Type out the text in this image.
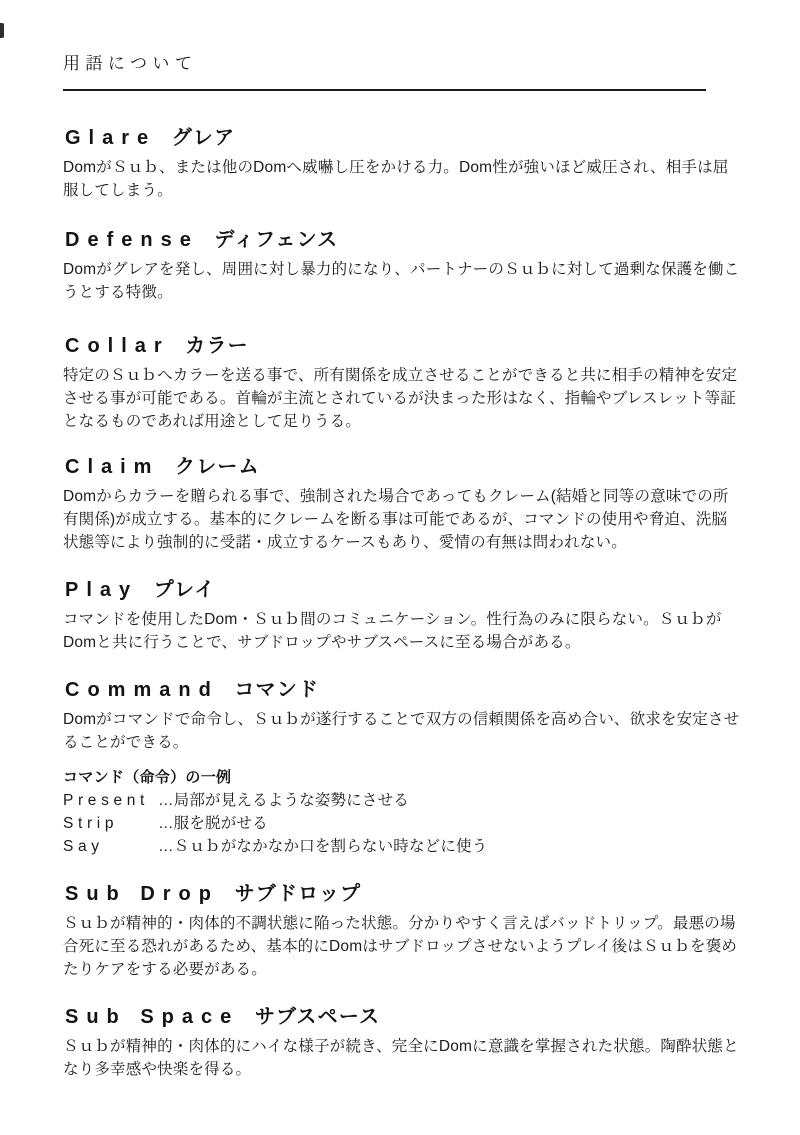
用語について
Glare グレア

DomがＳｕｂ、または他のDomへ威嚇し圧をかける力。Dom性が強いほど威圧され、相手は屈服してしまう。

Defense ディフェンス

Domがグレアを発し、周囲に対し暴力的になり、パートナーのＳｕｂに対して過剰な保護を働こうとする特徴。

Collar カラー

特定のＳｕｂへカラーを送る事で、所有関係を成立させることができると共に相手の精神を安定させる事が可能である。首輪が主流とされているが決まった形はなく、指輪やブレスレット等証となるものであれば用途として足りうる。

Claim クレーム

Domからカラーを贈られる事で、強制された場合であってもクレーム(結婚と同等の意味での所有関係)が成立する。基本的にクレームを断る事は可能であるが、コマンドの使用や脅迫、洗脳状態等により強制的に受諾・成立するケースもあり、愛情の有無は問われない。

Play プレイ

コマンドを使用したDom・Ｓｕｂ間のコミュニケーション。性行為のみに限らない。ＳｕｂがDomと共に行うことで、サブドロップやサブスペースに至る場合がある。

Command コマンド

Domがコマンドで命令し、Ｓｕｂが遂行することで双方の信頼関係を高め合い、欲求を安定させることができる。

コマンド（命令）の一例
Present …局部が見えるような姿勢にさせる
Strip	…服を脱がせる
Say	…Ｓｕｂがなかなか口を割らない時などに使う
Sub Drop サブドロップ

Ｓｕｂが精神的・肉体的不調状態に陥った状態。分かりやすく言えばバッドトリップ。最悪の場合死に至る恐れがあるため、基本的にDomはサブドロップさせないようプレイ後はＳｕｂを褒めたりケアをする必要がある。

Sub Space サブスペース

Ｓｕｂが精神的・肉体的にハイな様子が続き、完全にDomに意識を掌握された状態。陶酔状態となり多幸感や快楽を得る。
